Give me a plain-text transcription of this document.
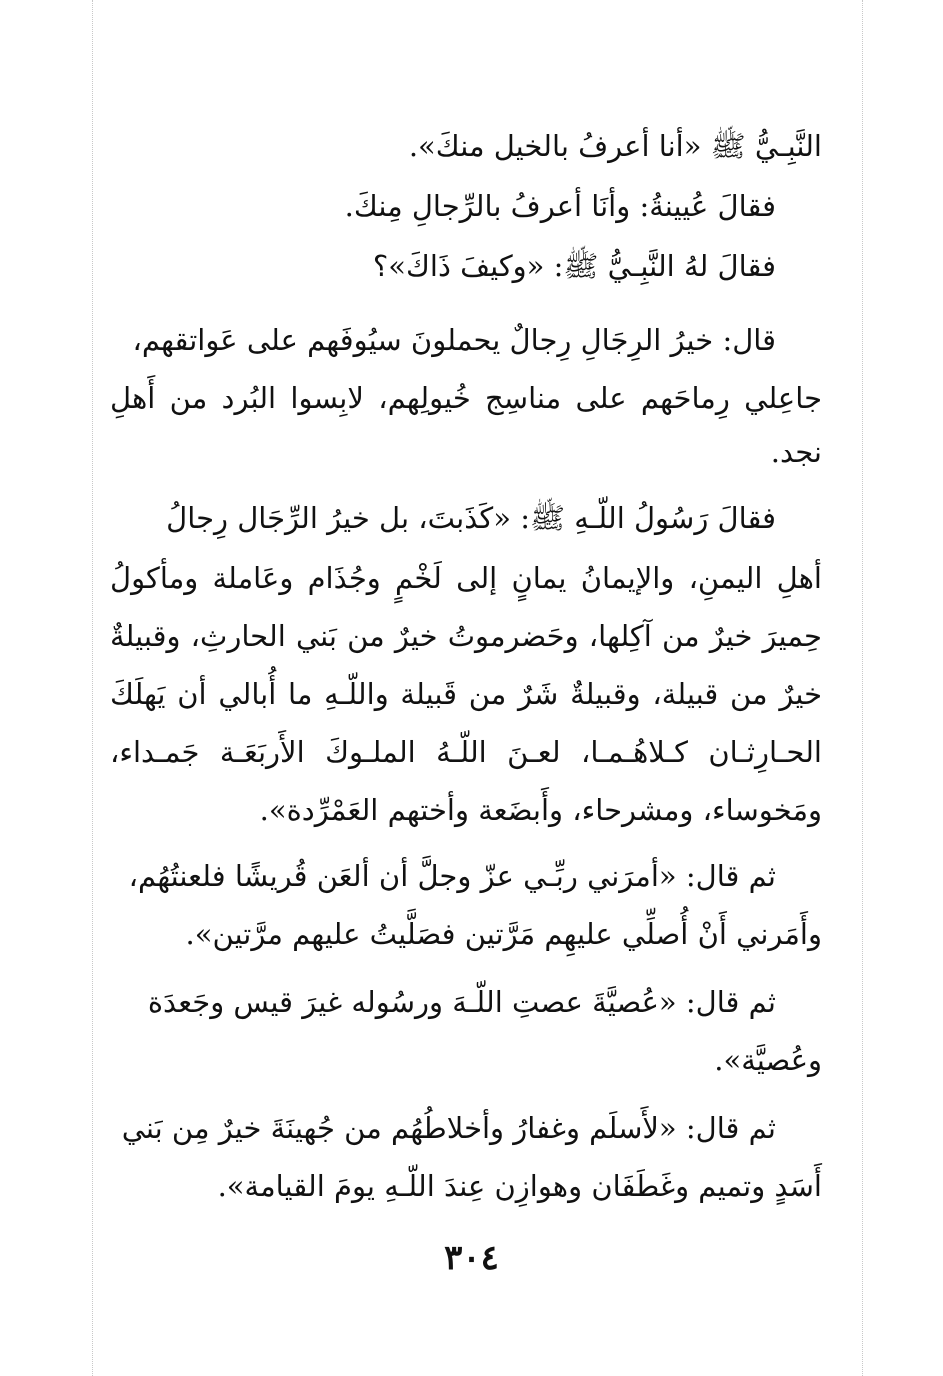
النَّبِـيُّ ﷺ «أنا أعرفُ بالخيل منكَ».
فقالَ عُيينةُ: وأنَا أعرفُ بالرِّجالِ مِنكَ.
فقالَ لهُ النَّبِـيُّ ﷺ: «وكيفَ ذَاكَ»؟
قال: خيرُ الرِجَالِ رِجالٌ يحملونَ سيُوفَهم على عَواتقهم،
جاعِلي رِماحَهم على مناسِج خُيولِهم، لابِسوا البُرد من أَهلِ
نجد.
فقالَ رَسُولُ اللّـهِ ﷺ: «كَذَبتَ، بل خيرُ الرِّجَال رِجالُ
أهلِ اليمنِ، والإيمانُ يمانٍ إلى لَخْمٍ وجُذَام وعَاملة ومأكولُ
حِميرَ خيرٌ من آكِلها، وحَضرموتُ خيرٌ من بَني الحارثِ، وقبيلةٌ
خيرٌ من قبيلة، وقبيلةٌ شَرٌ من قَبيلة واللّـهِ ما أُبالي أن يَهلَكَ
الحـارِثـان كـلاهُـمـا، لعـنَ اللّـهُ الملـوكَ الأَربَعَـة جَمـداء،
ومَخوساء، ومشرحاء، وأَبضَعة وأختهم العَمْرِّدة».
ثم قال: «أمرَني ربِّـي عزّ وجلَّ أن ألعَن قُريشًا فلعنتُهُم،
وأَمَرني أَنْ أُصلِّي عليهِم مَرَّتين فصَلَّيتُ عليهم مرَّتين».
ثم قال: «عُصيَّةَ عصتِ اللّـهَ ورسُوله غيرَ قيس وجَعدَة
وعُصيَّة».
ثم قال: «لأَسلَم وغفارُ وأخلاطُهُم من جُهينَةَ خيرٌ مِن بَني
أَسَدٍ وتميم وغَطَفَان وهوازِن عِندَ اللّـهِ يومَ القيامة».
٣٠٤
